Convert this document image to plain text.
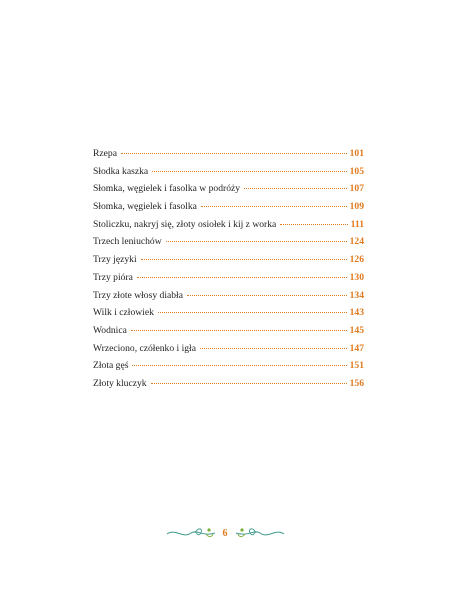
Rzepa	101
Słodka kaszka	105
Słomka, węgielek i fasolka w podróży	107
Słomka, węgielek i fasolka	109
Stoliczku, nakryj się, złoty osiołek i kij z worka	111
Trzech leniuchów	124
Trzy języki	126
Trzy pióra	130
Trzy złote włosy diabła	134
Wilk i człowiek	143
Wodnica	145
Wrzeciono, czółenko i igła	147
Złota gęś	151
Złoty kluczyk	156
6
